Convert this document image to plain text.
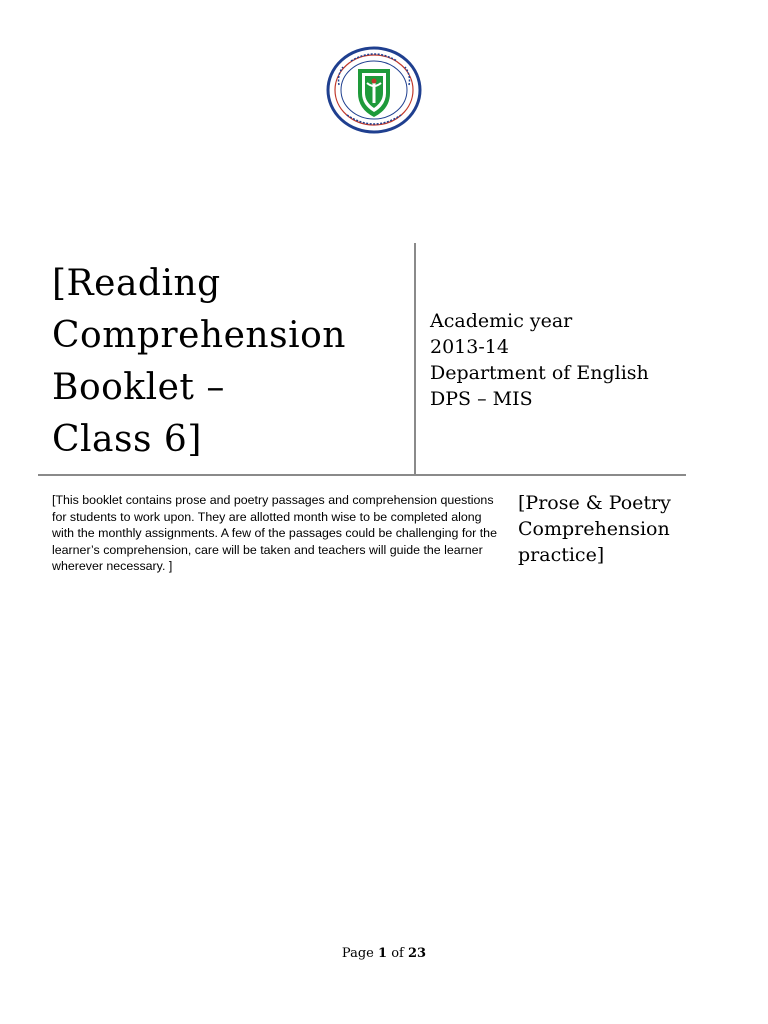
[Reading
Comprehension
Booklet –
Class 6]
Academic year
2013-14
Department of English
DPS – MIS
[This booklet contains prose and poetry passages and comprehension questions for students to work upon. They are allotted month wise to be completed along with the monthly assignments. A few of the passages could be challenging for the learner’s comprehension, care will be taken and teachers will guide the learner wherever necessary. ]
[Prose & Poetry
Comprehension
practice]
Page 1 of 23
